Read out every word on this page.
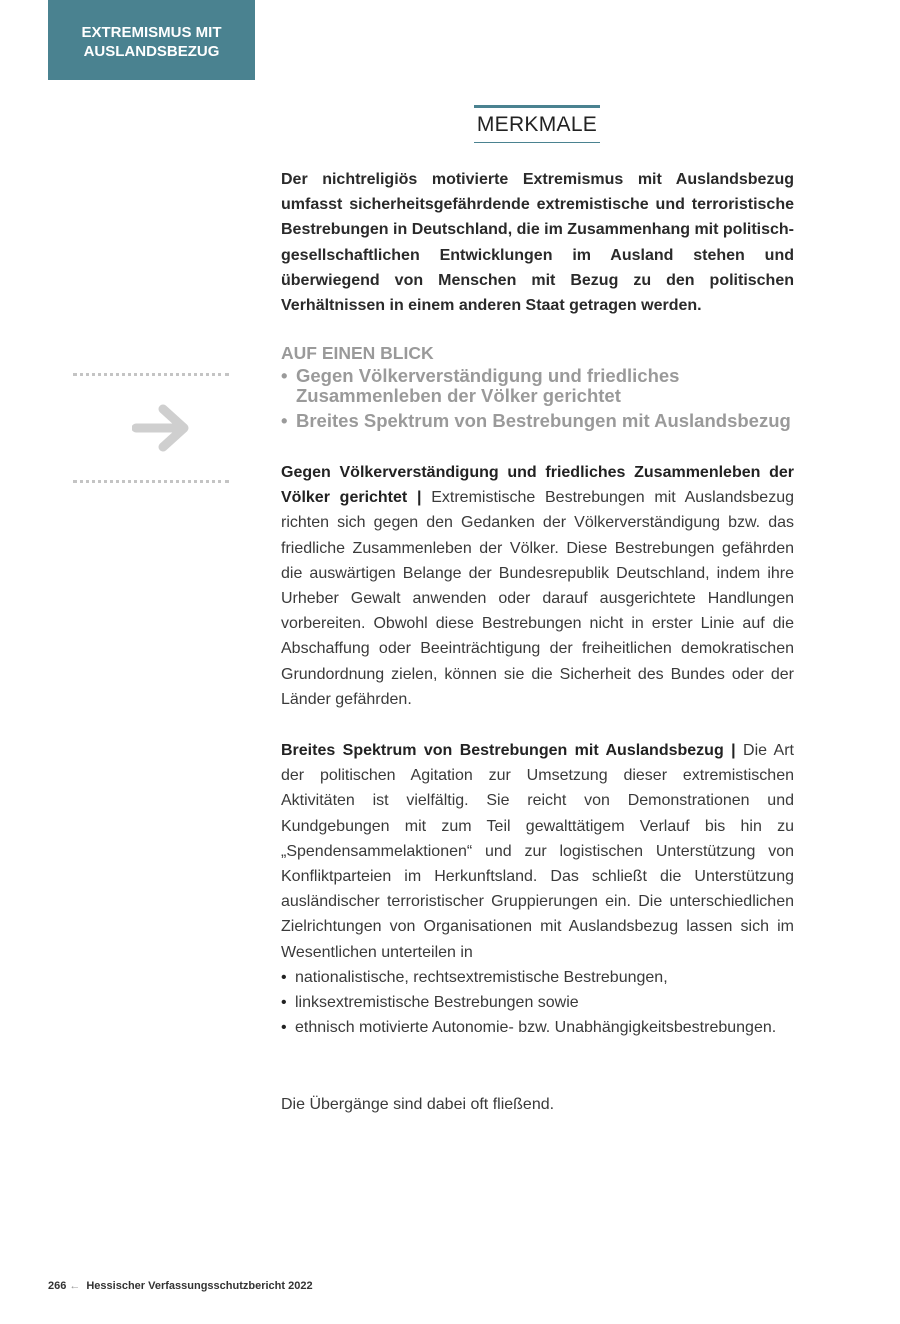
EXTREMISMUS MIT
AUSLANDSBEZUG
MERKMALE
Der nichtreligiös motivierte Extremismus mit Auslandsbezug umfasst sicherheitsgefährdende extremistische und terroristische Bestrebungen in Deutschland, die im Zusammenhang mit politisch-gesellschaftlichen Entwicklungen im Ausland stehen und überwiegend von Menschen mit Bezug zu den politischen Verhältnissen in einem anderen Staat getragen werden.
AUF EINEN BLICK
• Gegen Völkerverständigung und friedliches Zusammenleben der Völker gerichtet
• Breites Spektrum von Bestrebungen mit Auslandsbezug
Gegen Völkerverständigung und friedliches Zusammenleben der Völker gerichtet | Extremistische Bestrebungen mit Auslandsbezug richten sich gegen den Gedanken der Völkerverständigung bzw. das friedliche Zusammenleben der Völker. Diese Bestrebungen gefährden die auswärtigen Belange der Bundesrepublik Deutschland, indem ihre Urheber Gewalt anwenden oder darauf ausgerichtete Handlungen vorbereiten. Obwohl diese Bestrebungen nicht in erster Linie auf die Abschaffung oder Beeinträchtigung der freiheitlichen demokratischen Grundordnung zielen, können sie die Sicherheit des Bundes oder der Länder gefährden.
Breites Spektrum von Bestrebungen mit Auslandsbezug | Die Art der politischen Agitation zur Umsetzung dieser extremistischen Aktivitäten ist vielfältig. Sie reicht von Demonstrationen und Kundgebungen mit zum Teil gewalttätigem Verlauf bis hin zu „Spendensammelaktionen“ und zur logistischen Unterstützung von Konfliktparteien im Herkunftsland. Das schließt die Unterstützung ausländischer terroristischer Gruppierungen ein. Die unterschiedlichen Zielrichtungen von Organisationen mit Auslandsbezug lassen sich im Wesentlichen unterteilen in
• nationalistische, rechtsextremistische Bestrebungen,
• linksextremistische Bestrebungen sowie
• ethnisch motivierte Autonomie- bzw. Unabhängigkeitsbestrebungen.
Die Übergänge sind dabei oft fließend.
266 ← Hessischer Verfassungsschutzbericht 2022
